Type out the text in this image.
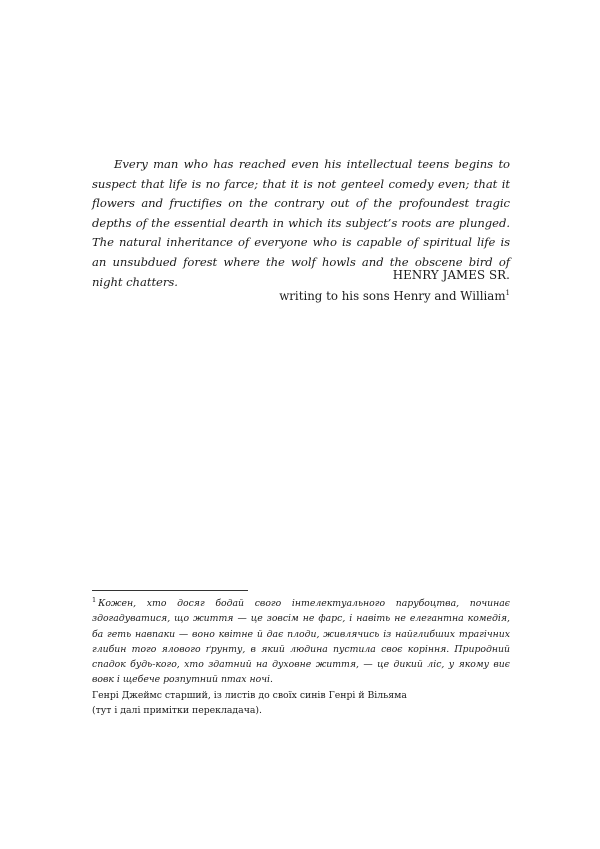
Every man who has reached even his intellectual teens begins to suspect that life is no farce; that it is not genteel comedy even; that it flowers and fructifies on the contrary out of the profoundest tragic depths of the essential dearth in which its subject’s roots are plunged. The natural inheritance of everyone who is capable of spiritual life is an unsubdued forest where the wolf howls and the obscene bird of night chatters.	HENRY JAMES SR.
writing to his sons Henry and William$^1$

$^1$ Кожен, хто досяг бодай свого інтелектуального парубоцтва, починає здогадуватися, що життя — це зовсім не фарс, і навіть не елегантна комедія, ба геть навпаки — воно квітне й дає плоди, живлячись із найглибших трагічних глибин того ялового ґрунту, в який людина пустила своє коріння. Природний спадок будь-кого, хто здатний на духовне життя, — це дикий ліс, у якому виє вовк і щебече розпутний птах ночі.

Генрі Джеймс старший, із листів до своїх синів Генрі й Вільяма

(тут і далі примітки перекладача).
